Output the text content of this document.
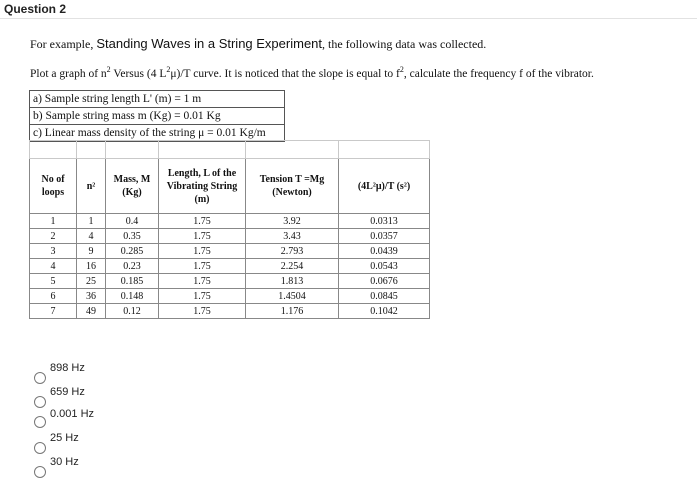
Question 2
For example, Standing Waves in a String Experiment, the following data was collected.
Plot a graph of $n^2$ Versus (4 $L^2\mu)/T$ curve. It is noticed that the slope is equal to $f^2$, calculate the frequency f of the vibrator.
a) Sample string length L' (m) = 1 m
b) Sample string mass m (Kg) = 0.01 Kg
c) Linear mass density of the string μ = 0.01 Kg/m

No of loops	n²	Mass, M (Kg)	Length, L of the Vibrating String (m)	Tension T =Mg (Newton)	(4L²μ)/T (s²)
1	1	0.4	1.75	3.92	0.0313
2	4	0.35	1.75	3.43	0.0357
3	9	0.285	1.75	2.793	0.0439
4	16	0.23	1.75	2.254	0.0543
5	25	0.185	1.75	1.813	0.0676
6	36	0.148	1.75	1.4504	0.0845
7	49	0.12	1.75	1.176	0.1042
898 Hz
659 Hz
0.001 Hz
25 Hz
30 Hz
